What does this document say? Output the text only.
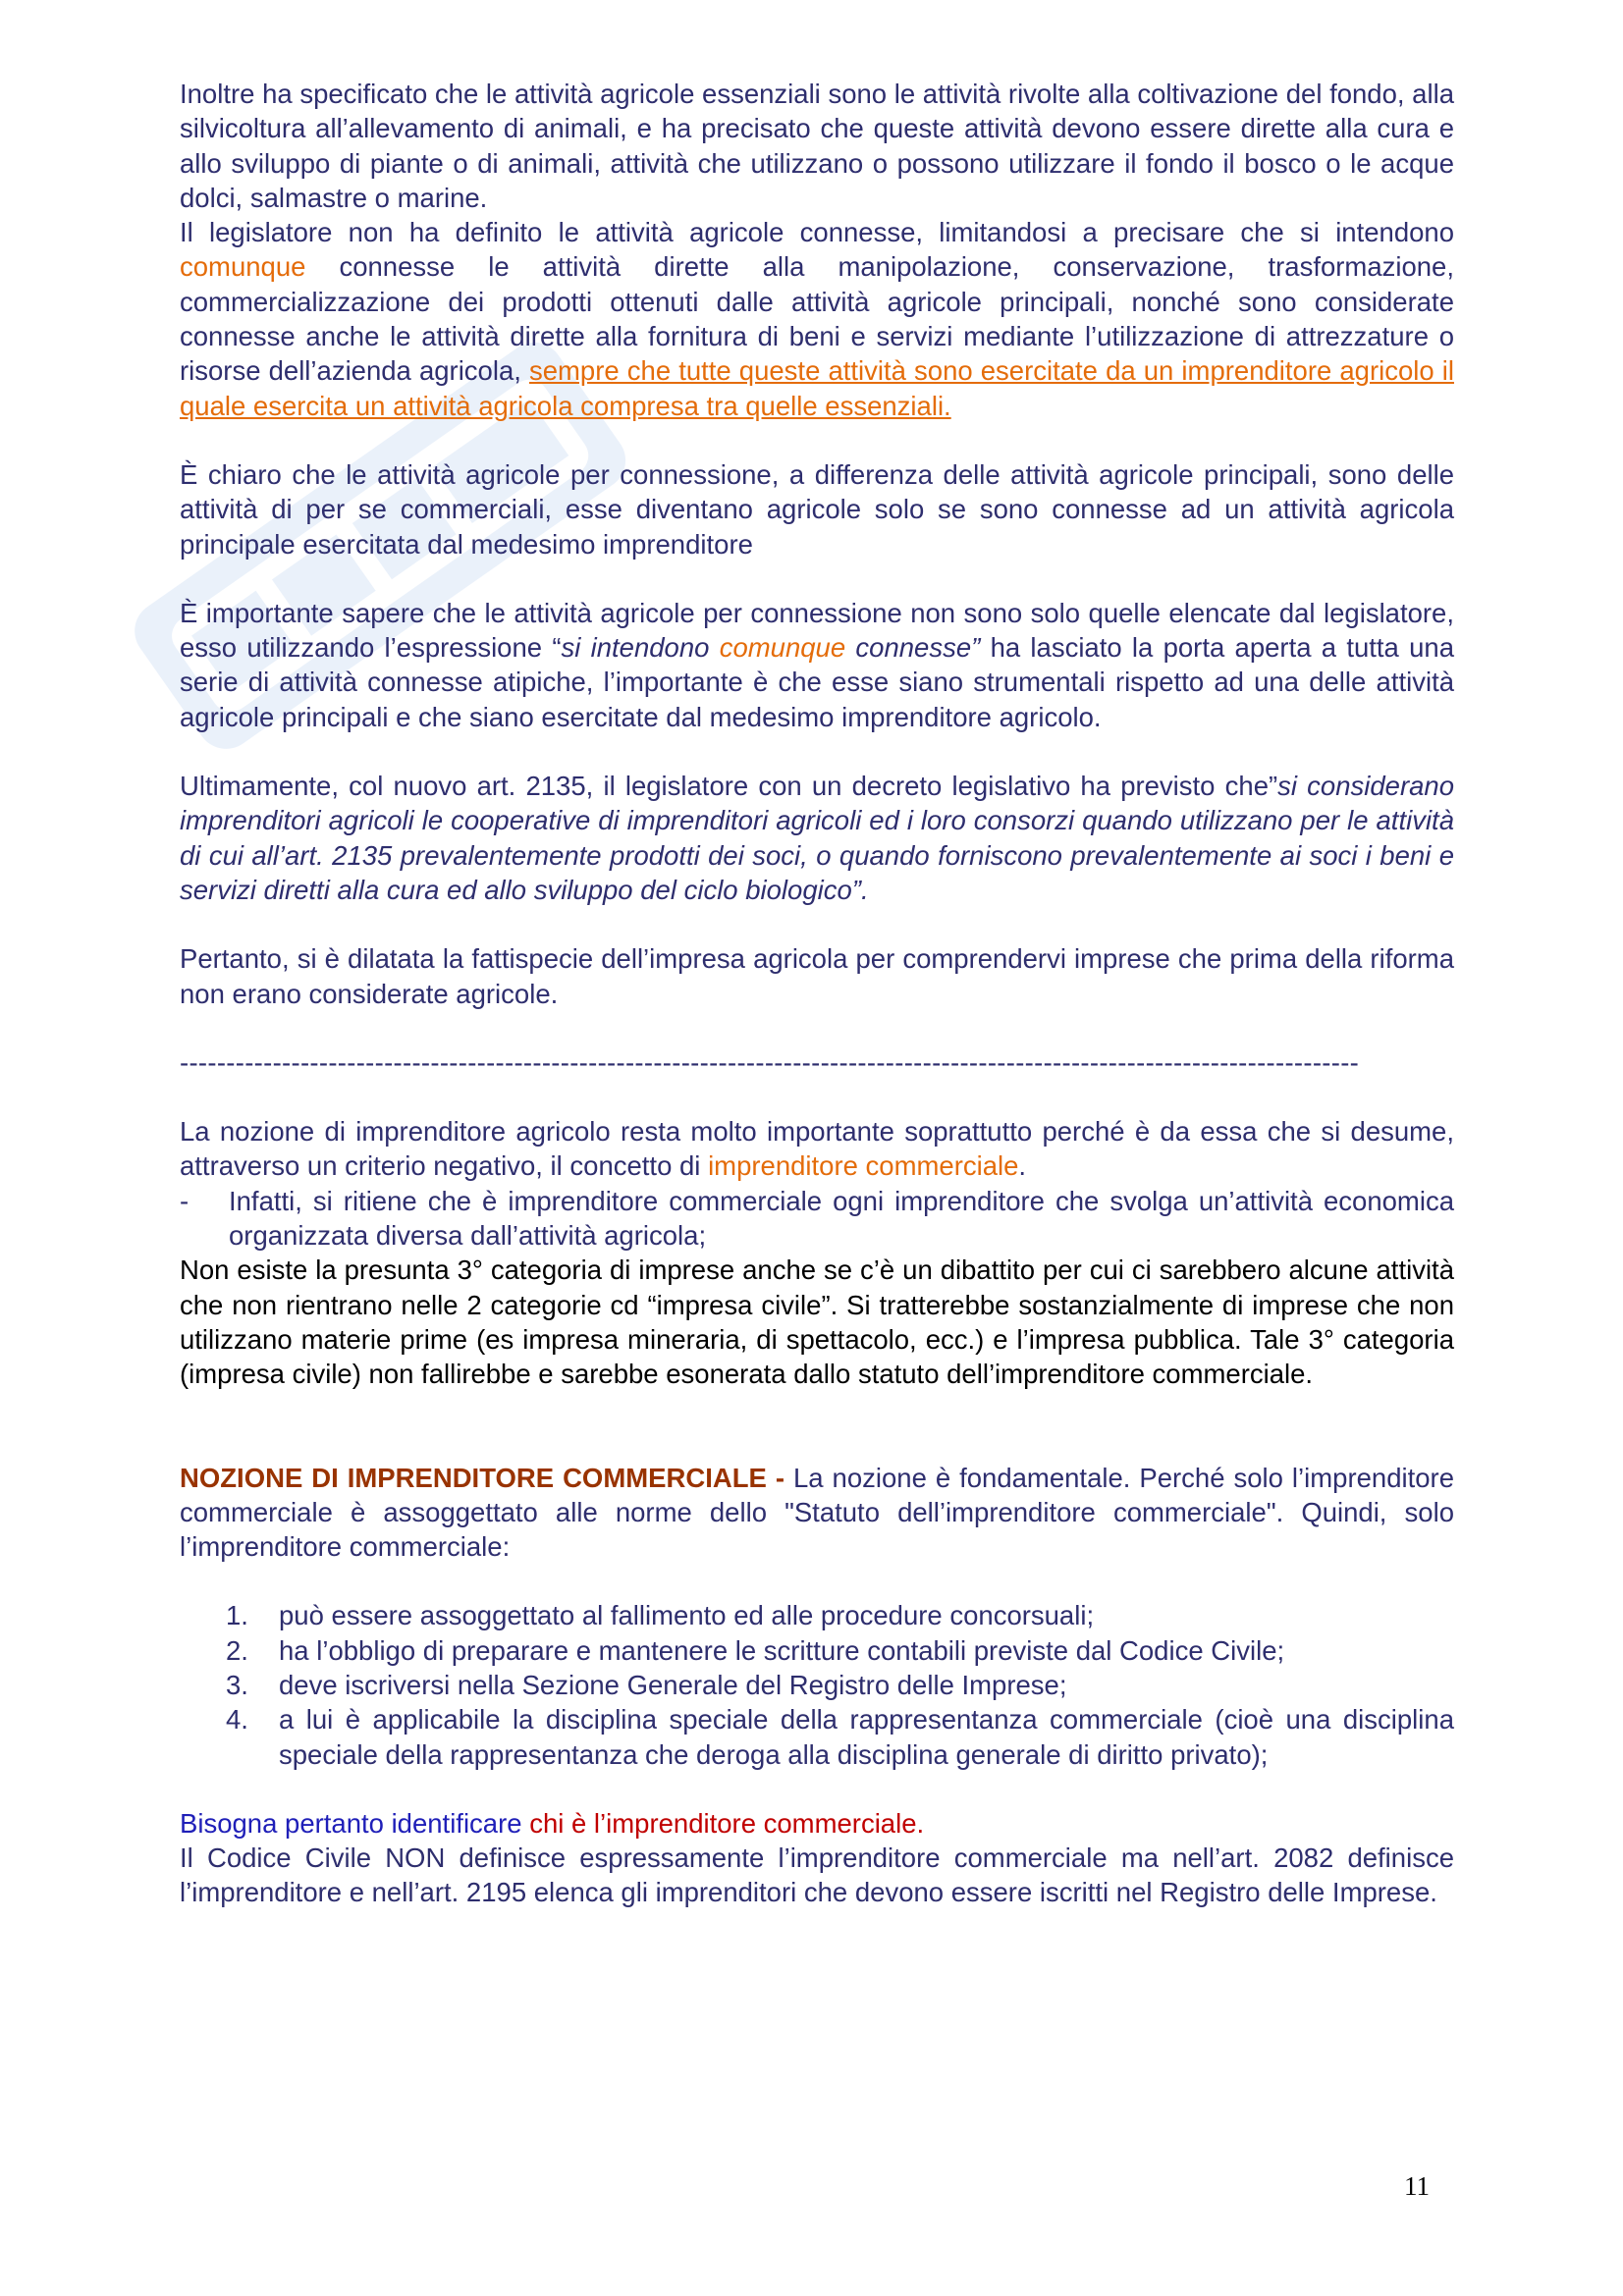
Inoltre ha specificato che le attività agricole essenziali sono le attività rivolte alla coltivazione del fondo, alla silvicoltura all’allevamento di animali, e ha precisato che queste attività devono essere dirette alla cura e allo sviluppo di piante o di animali, attività che utilizzano o possono utilizzare il fondo il bosco o le acque dolci, salmastre o marine.

Il legislatore non ha definito le attività agricole connesse, limitandosi a precisare che si intendono comunque connesse le attività dirette alla manipolazione, conservazione, trasformazione, commercializzazione dei prodotti ottenuti dalle attività agricole principali, nonché sono considerate connesse anche le attività dirette alla fornitura di beni e servizi mediante l’utilizzazione di attrezzature o risorse dell’azienda agricola, sempre che tutte queste attività sono esercitate da un imprenditore agricolo il quale esercita un attività agricola compresa tra quelle essenziali.

È chiaro che le attività agricole per connessione, a differenza delle attività agricole principali, sono delle attività di per se commerciali, esse diventano agricole solo se sono connesse ad un attività agricola principale esercitata dal medesimo imprenditore

È importante sapere che le attività agricole per connessione non sono solo quelle elencate dal legislatore, esso utilizzando l’espressione “si intendono comunque connesse” ha lasciato la porta aperta a tutta una serie di attività connesse atipiche, l’importante è che esse siano strumentali rispetto ad una delle attività agricole principali e che siano esercitate dal medesimo imprenditore agricolo.

Ultimamente, col nuovo art. 2135, il legislatore con un decreto legislativo ha previsto che”si considerano imprenditori agricoli le cooperative di imprenditori agricoli ed i loro consorzi quando utilizzano per le attività di cui all’art. 2135 prevalentemente prodotti dei soci, o quando forniscono prevalentemente ai soci i beni e servizi diretti alla cura ed allo sviluppo del ciclo biologico”.

Pertanto, si è dilatata la fattispecie dell’impresa agricola per comprendervi imprese che prima della riforma non erano considerate agricole.

-------------------------------------------------------------------------------------------------------------------------------

La nozione di imprenditore agricolo resta molto importante soprattutto perché è da essa che si desume, attraverso un criterio negativo, il concetto di imprenditore commerciale.

-	Infatti, si ritiene che è imprenditore commerciale ogni imprenditore che svolga un’attività economica organizzata diversa dall’attività agricola;

Non esiste la presunta 3° categoria di imprese anche se c’è un dibattito per cui ci sarebbero alcune attività che non rientrano nelle 2 categorie cd “impresa civile”. Si tratterebbe sostanzialmente di imprese che non utilizzano materie prime (es impresa mineraria, di spettacolo, ecc.) e l’impresa pubblica. Tale 3° categoria (impresa civile) non fallirebbe e sarebbe esonerata dallo statuto dell’imprenditore commerciale.

NOZIONE DI IMPRENDITORE COMMERCIALE - La nozione è fondamentale. Perché solo l’imprenditore commerciale è assoggettato alle norme dello "Statuto dell’imprenditore commerciale". Quindi, solo l’imprenditore commerciale:

1.	può essere assoggettato al fallimento ed alle procedure concorsuali;
2.	ha l’obbligo di preparare e mantenere le scritture contabili previste dal Codice Civile;
3.	deve iscriversi nella Sezione Generale del Registro delle Imprese;
4.	a lui è applicabile la disciplina speciale della rappresentanza commerciale (cioè una disciplina speciale della rappresentanza che deroga alla disciplina generale di diritto privato);

Bisogna pertanto identificare chi è l’imprenditore commerciale.

Il Codice Civile NON definisce espressamente l’imprenditore commerciale ma nell’art. 2082 definisce l’imprenditore e nell’art. 2195 elenca gli imprenditori che devono essere iscritti nel Registro delle Imprese.

11
